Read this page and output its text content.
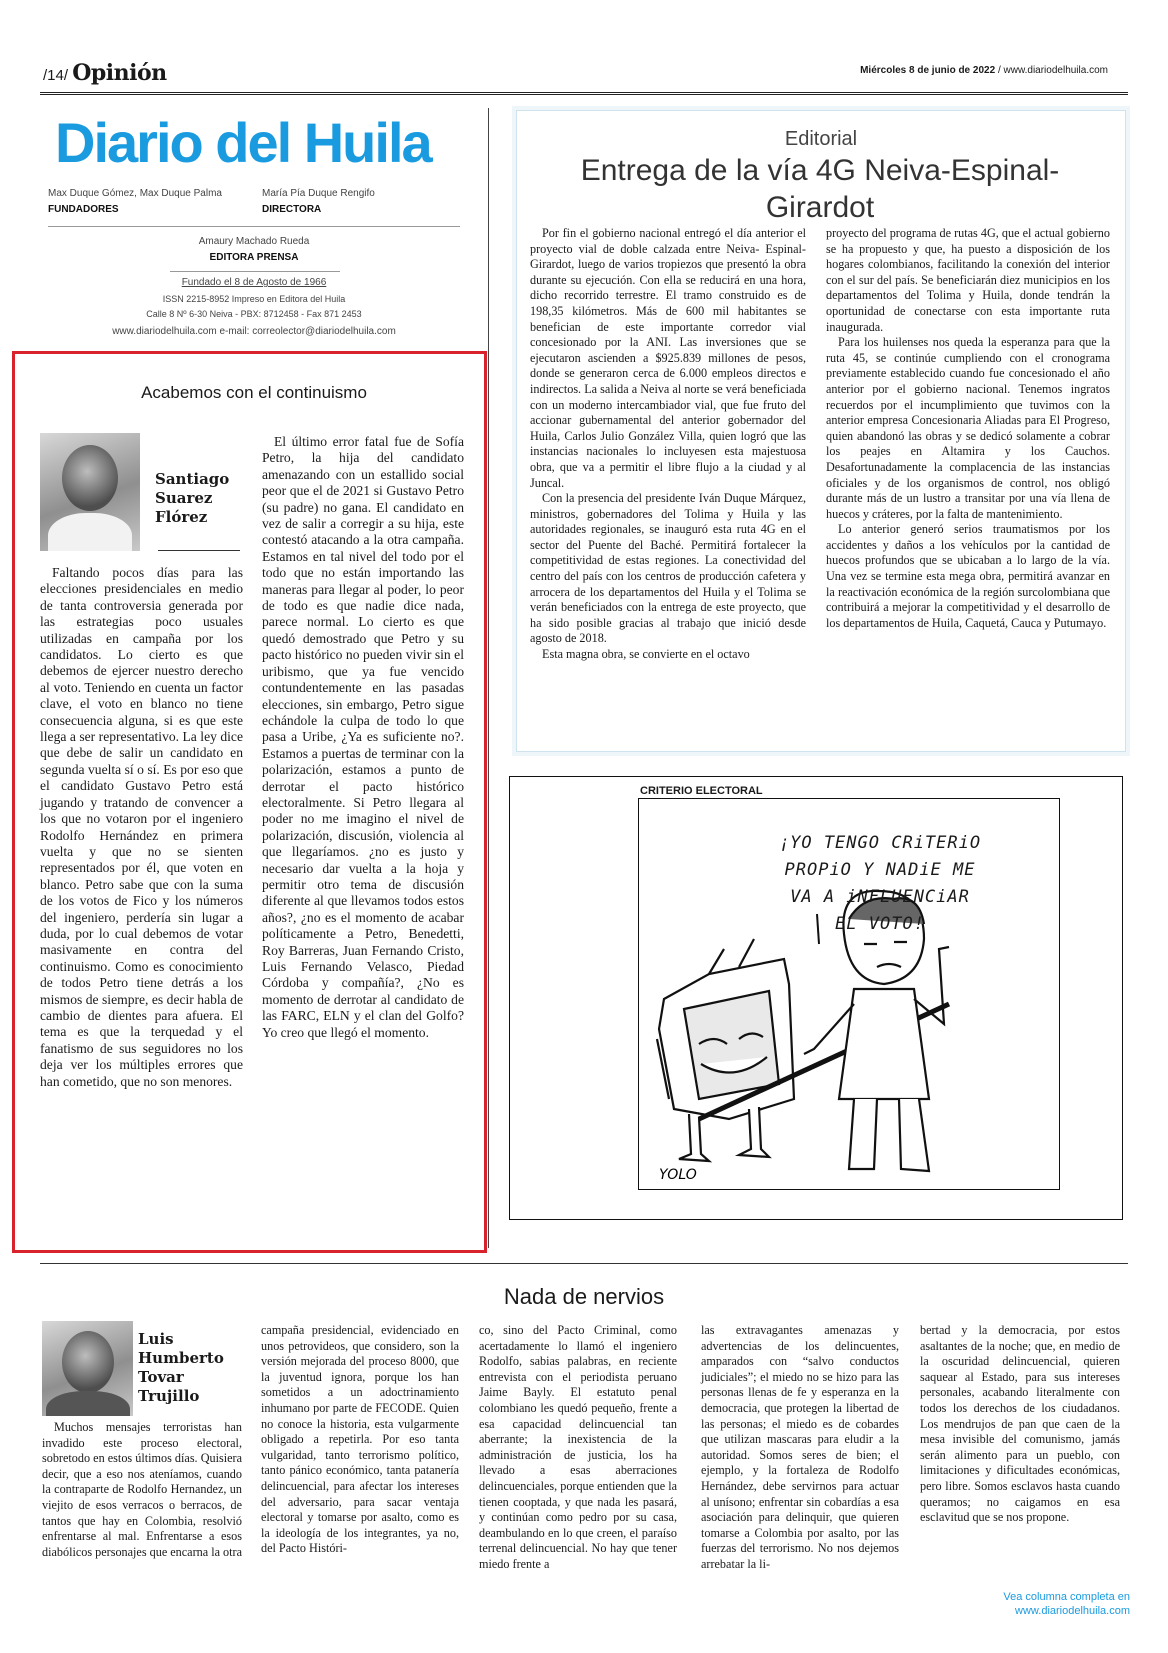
/14/ Opinión	Miércoles 8 de junio de 2022 / www.diariodelhuila.com
Diario del Huila
Max Duque Gómez, Max Duque Palma
FUNDADORES
María Pía Duque Rengifo
DIRECTORA
Amaury Machado Rueda
EDITORA PRENSA
Fundado el 8 de Agosto de 1966
ISSN 2215-8952 Impreso en Editora del Huila
Calle 8 Nº 6-30 Neiva - PBX: 8712458 - Fax 871 2453
www.diariodelhuila.com e-mail: correolector@diariodelhuila.com
Acabemos con el continuismo
Santiago Suarez Flórez

Faltando pocos días para las elecciones presidenciales en medio de tanta controversia generada por las estrategias poco usuales utilizadas en campaña por los candidatos. Lo cierto es que debemos de ejercer nuestro derecho al voto. Teniendo en cuenta un factor clave, el voto en blanco no tiene consecuencia alguna, si es que este llega a ser representativo. La ley dice que debe de salir un candidato en segunda vuelta sí o sí. Es por eso que el candidato Gustavo Petro está jugando y tratando de convencer a los que no votaron por el ingeniero Rodolfo Hernández en primera vuelta y que no se sienten representados por él, que voten en blanco. Petro sabe que con la suma de los votos de Fico y los números del ingeniero, perdería sin lugar a duda, por lo cual debemos de votar masivamente en contra del continuismo. Como es conocimiento de todos Petro tiene detrás a los mismos de siempre, es decir habla de cambio de dientes para afuera. El tema es que la terquedad y el fanatismo de sus seguidores no los deja ver los múltiples errores que han cometido, que no son menores.

El último error fatal fue de Sofía Petro, la hija del candidato amenazando con un estallido social peor que el de 2021 si Gustavo Petro (su padre) no gana. El candidato en vez de salir a corregir a su hija, este contestó atacando a la otra campaña. Estamos en tal nivel del todo por el todo que no están importando las maneras para llegar al poder, lo peor de todo es que nadie dice nada, parece normal. Lo cierto es que quedó demostrado que Petro y su pacto histórico no pueden vivir sin el uribismo, que ya fue vencido contundentemente en las pasadas elecciones, sin embargo, Petro sigue echándole la culpa de todo lo que pasa a Uribe, ¿Ya es suficiente no?. Estamos a puertas de terminar con la polarización, estamos a punto de derrotar el pacto histórico electoralmente. Si Petro llegara al poder no me imagino el nivel de polarización, discusión, violencia al que llegaríamos. ¿no es justo y necesario dar vuelta a la hoja y permitir otro tema de discusión diferente al que llevamos todos estos años?, ¿no es el momento de acabar políticamente a Petro, Benedetti, Roy Barreras, Juan Fernando Cristo, Luis Fernando Velasco, Piedad Córdoba y compañía?, ¿No es momento de derrotar al candidato de las FARC, ELN y el clan del Golfo? Yo creo que llegó el momento.

Editorial
Entrega de la vía 4G Neiva-Espinal- Girardot

Por fin el gobierno nacional entregó el día anterior el proyecto vial de doble calzada entre Neiva- Espinal- Girardot, luego de varios tropiezos que presentó la obra durante su ejecución. Con ella se reducirá en una hora, dicho recorrido terrestre. El tramo construido es de 198,35 kilómetros. Más de 600 mil habitantes se benefician de este importante corredor vial concesionado por la ANI. Las inversiones que se ejecutaron ascienden a $925.839 millones de pesos, donde se generaron cerca de 6.000 empleos directos e indirectos. La salida a Neiva al norte se verá beneficiada con un moderno intercambiador vial, que fue fruto del accionar gubernamental del anterior gobernador del Huila, Carlos Julio González Villa, quien logró que las instancias nacionales lo incluyesen esta majestuosa obra, que va a permitir el libre flujo a la ciudad y al Juncal.

Con la presencia del presidente Iván Duque Márquez, ministros, gobernadores del Tolima y Huila y las autoridades regionales, se inauguró esta ruta 4G en el sector del Puente del Baché. Permitirá fortalecer la competitividad de estas regiones. La conectividad del centro del país con los centros de producción cafetera y arrocera de los departamentos del Huila y el Tolima se verán beneficiados con la entrega de este proyecto, que ha sido posible gracias al trabajo que inició desde agosto de 2018.

Esta magna obra, se convierte en el octavo

proyecto del programa de rutas 4G, que el actual gobierno se ha propuesto y que, ha puesto a disposición de los hogares colombianos, facilitando la conexión del interior con el sur del país. Se beneficiarán diez municipios en los departamentos del Tolima y Huila, donde tendrán la oportunidad de conectarse con esta importante ruta inaugurada.

Para los huilenses nos queda la esperanza para que la ruta 45, se continúe cumpliendo con el cronograma previamente establecido cuando fue concesionado el año anterior por el gobierno nacional. Tenemos ingratos recuerdos por el incumplimiento que tuvimos con la anterior empresa Concesionaria Aliadas para El Progreso, quien abandonó las obras y se dedicó solamente a cobrar los peajes en Altamira y los Cauchos. Desafortunadamente la complacencia de las instancias oficiales y de los organismos de control, nos obligó durante más de un lustro a transitar por una vía llena de huecos y cráteres, por la falta de mantenimiento.

Lo anterior generó serios traumatismos por los accidentes y daños a los vehículos por la cantidad de huecos profundos que se ubicaban a lo largo de la vía. Una vez se termine esta mega obra, permitirá avanzar en la reactivación económica de la región surcolombiana que contribuirá a mejorar la competitividad y el desarrollo de los departamentos de Huila, Caquetá, Cauca y Putumayo.

YOLO
CRITERIO ELECTORAL
¡YO TENGO CRiTERiO
PROPiO Y NADiE ME
VA A iNFLUENCiAR
EL VOTO!
Nada de nervios
Luis Humberto Tovar Trujillo

Muchos mensajes terroristas han invadido este proceso electoral, sobretodo en estos últimos días. Quisiera decir, que a eso nos ateníamos, cuando la contraparte de Rodolfo Hernandez, un viejito de esos verracos o berracos, de tantos que hay en Colombia, resolvió enfrentarse al mal. Enfrentarse a esos diabólicos personajes que encarna la otra

campaña presidencial, evidenciado en unos petrovideos, que considero, son la versión mejorada del proceso 8000, que la juventud ignora, porque los han sometidos a un adoctrinamiento inhumano por parte de FECODE. Quien no conoce la historia, esta vulgarmente obligado a repetirla. Por eso tanta vulgaridad, tanto terrorismo político, tanto pánico económico, tanta patanería delincuencial, para afectar los intereses del adversario, para sacar ventaja electoral y tomarse por asalto, como es la ideología de los integrantes, ya no, del Pacto Históri-

co, sino del Pacto Criminal, como acertadamente lo llamó el ingeniero Rodolfo, sabias palabras, en reciente entrevista con el periodista peruano Jaime Bayly. El estatuto penal colombiano les quedó pequeño, frente a esa capacidad delincuencial tan aberrante; la inexistencia de la administración de justicia, los ha llevado a esas aberraciones delincuenciales, porque entienden que la tienen cooptada, y que nada les pasará, y continúan como pedro por su casa, deambulando en lo que creen, el paraíso terrenal delincuencial. No hay que tener miedo frente a

las extravagantes amenazas y advertencias de los delincuentes, amparados con “salvo conductos judiciales”; el miedo no se hizo para las personas llenas de fe y esperanza en la democracia, que protegen la libertad de las personas; el miedo es de cobardes que utilizan mascaras para eludir a la autoridad. Somos seres de bien; el ejemplo, y la fortaleza de Rodolfo Hernández, debe servirnos para actuar al unísono; enfrentar sin cobardías a esa asociación para delinquir, que quieren tomarse a Colombia por asalto, por las fuerzas del terrorismo. No nos dejemos arrebatar la li-

bertad y la democracia, por estos asaltantes de la noche; que, en medio de la oscuridad delincuencial, quieren saquear al Estado, para sus intereses personales, acabando literalmente con todos los derechos de los ciudadanos. Los mendrujos de pan que caen de la mesa invisible del comunismo, jamás serán alimento para un pueblo, con limitaciones y dificultades económicas, pero libre. Somos esclavos hasta cuando queramos; no caigamos en esa esclavitud que se nos propone.

Vea columna completa en
www.diariodelhuila.com
